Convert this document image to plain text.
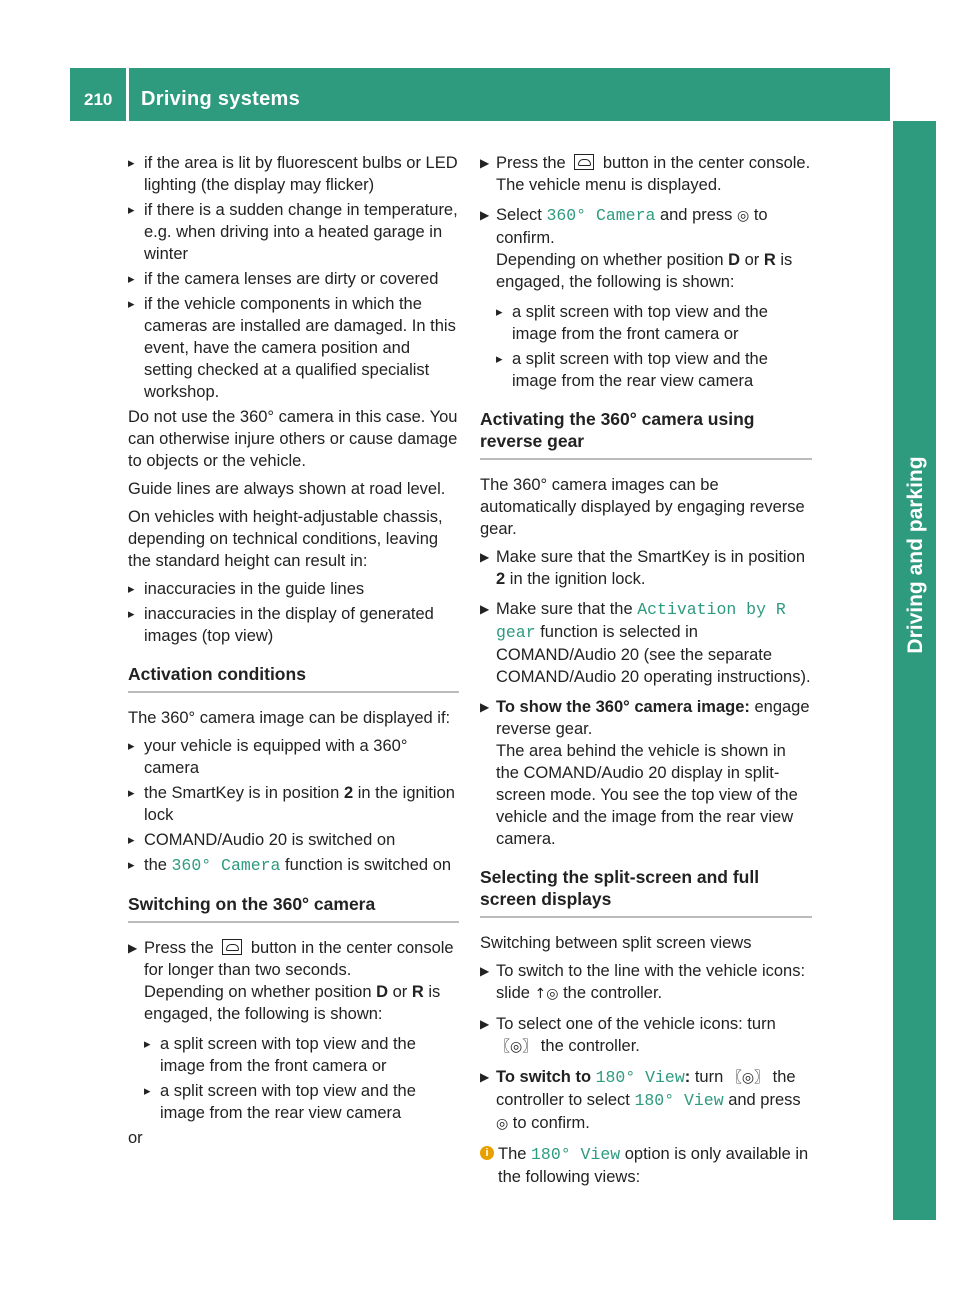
210 Driving systems
Driving and parking
▸ if the area is lit by fluorescent bulbs or LED lighting (the display may flicker)
▸ if there is a sudden change in temperature, e.g. when driving into a heated garage in winter
▸ if the camera lenses are dirty or covered
▸ if the vehicle components in which the cameras are installed are damaged. In this event, have the camera position and setting checked at a qualified specialist workshop.

Do not use the 360° camera in this case. You can otherwise injure others or cause damage to objects or the vehicle.

Guide lines are always shown at road level.

On vehicles with height-adjustable chassis, depending on technical conditions, leaving the standard height can result in:

▸ inaccuracies in the guide lines
▸ inaccuracies in the display of generated images (top view)
Activation conditions

The 360° camera image can be displayed if:

▸ your vehicle is equipped with a 360° camera
▸ the SmartKey is in position 2 in the ignition lock
▸ COMAND/Audio 20 is switched on
▸ the 360° Camera function is switched on
Switching on the 360° camera
▶ Press the  button in the center console for longer than two seconds.
Depending on whether position D or R is engaged, the following is shown:
▸ a split screen with top view and the image from the front camera or
▸ a split screen with top view and the image from the rear view camera

or

▶ Press the  button in the center console.
The vehicle menu is displayed.
▶ Select 360° Camera and press ◎ to confirm.
Depending on whether position D or R is engaged, the following is shown:
▸ a split screen with top view and the image from the front camera or
▸ a split screen with top view and the image from the rear view camera
Activating the 360° camera using reverse gear

The 360° camera images can be automatically displayed by engaging reverse gear.

▶ Make sure that the SmartKey is in position 2 in the ignition lock.
▶ Make sure that the Activation by R gear function is selected in COMAND/Audio 20 (see the separate COMAND/Audio 20 operating instructions).
▶ To show the 360° camera image: engage reverse gear.
The area behind the vehicle is shown in the COMAND/Audio 20 display in split-screen mode. You see the top view of the vehicle and the image from the rear view camera.
Selecting the split-screen and full screen displays

Switching between split screen views

▶ To switch to the line with the vehicle icons: slide ↑◎ the controller.
▶ To select one of the vehicle icons: turn 〖◎〗 the controller.
▶ To switch to 180° View: turn 〖◎〗 the controller to select 180° View and press ◎ to confirm.
i The 180° View option is only available in the following views:
